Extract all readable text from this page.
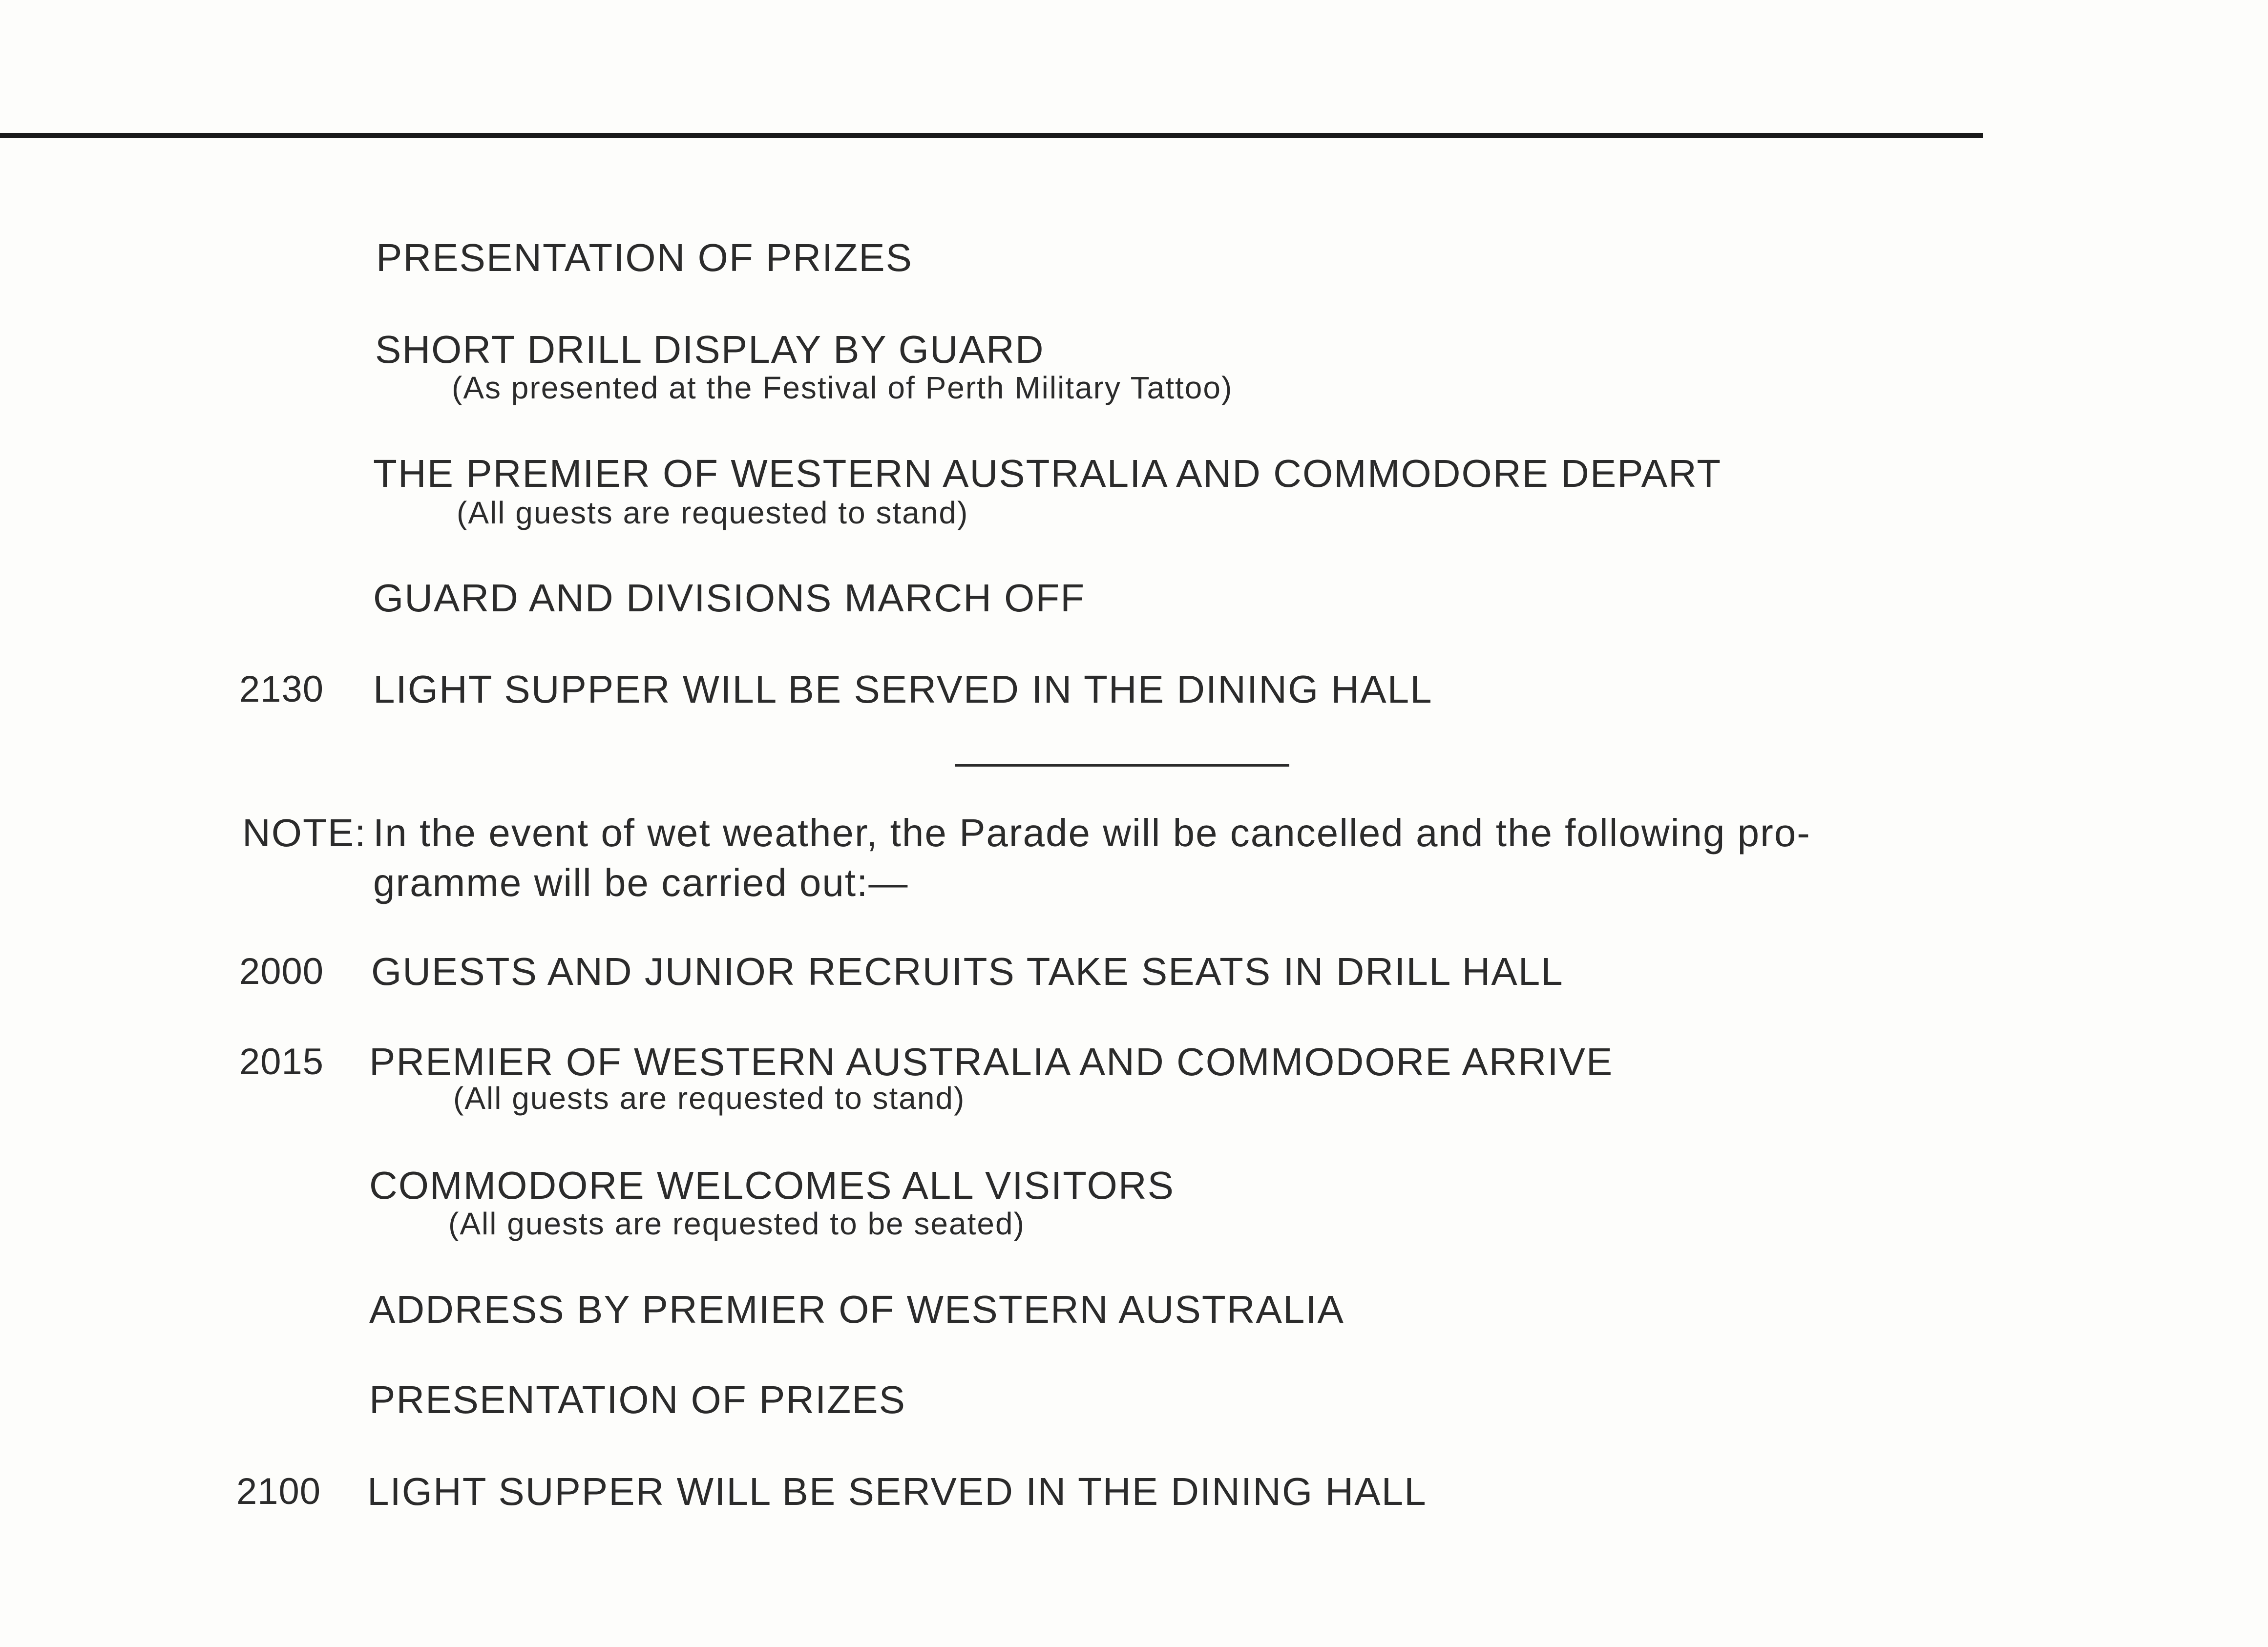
PRESENTATION OF PRIZES
SHORT DRILL DISPLAY BY GUARD
(As presented at the Festival of Perth Military Tattoo)
THE PREMIER OF WESTERN AUSTRALIA AND COMMODORE DEPART
(All guests are requested to stand)
GUARD AND DIVISIONS MARCH OFF
2130 LIGHT SUPPER WILL BE SERVED IN THE DINING HALL
NOTE: In the event of wet weather, the Parade will be cancelled and the following pro-
gramme will be carried out:—
2000 GUESTS AND JUNIOR RECRUITS TAKE SEATS IN DRILL HALL
2015 PREMIER OF WESTERN AUSTRALIA AND COMMODORE ARRIVE
(All guests are requested to stand)
COMMODORE WELCOMES ALL VISITORS
(All guests are requested to be seated)
ADDRESS BY PREMIER OF WESTERN AUSTRALIA
PRESENTATION OF PRIZES
2100 LIGHT SUPPER WILL BE SERVED IN THE DINING HALL
